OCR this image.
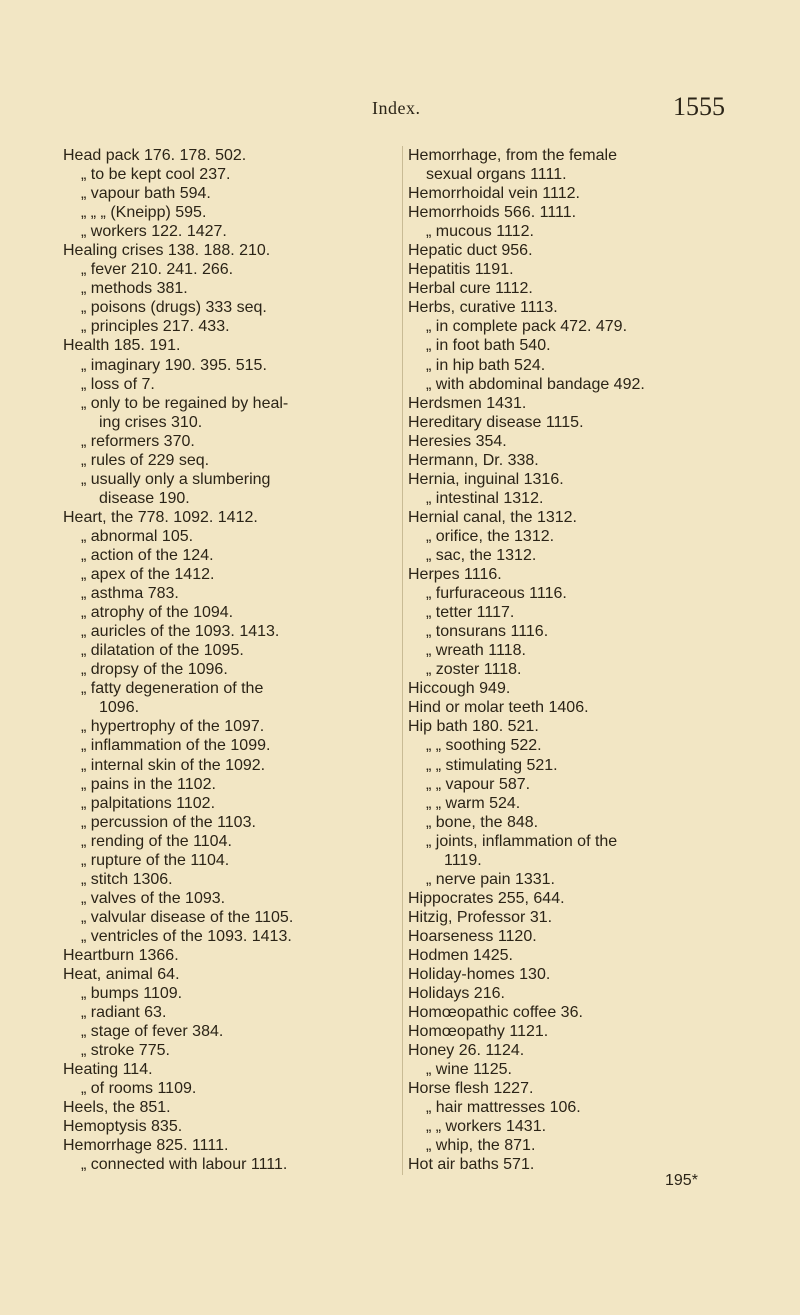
Index.	1555
Head pack 176. 178. 502.
„ to be kept cool 237.
„ vapour bath 594.
„ „ „ (Kneipp) 595.
„ workers 122. 1427.
Healing crises 138. 188. 210.
„ fever 210. 241. 266.
„ methods 381.
„ poisons (drugs) 333 seq.
„ principles 217. 433.
Health 185. 191.
„ imaginary 190. 395. 515.
„ loss of 7.
„ only to be regained by heal-
ing crises 310.
„ reformers 370.
„ rules of 229 seq.
„ usually only a slumbering
disease 190.
Heart, the 778. 1092. 1412.
„ abnormal 105.
„ action of the 124.
„ apex of the 1412.
„ asthma 783.
„ atrophy of the 1094.
„ auricles of the 1093. 1413.
„ dilatation of the 1095.
„ dropsy of the 1096.
„ fatty degeneration of the
1096.
„ hypertrophy of the 1097.
„ inflammation of the 1099.
„ internal skin of the 1092.
„ pains in the 1102.
„ palpitations 1102.
„ percussion of the 1103.
„ rending of the 1104.
„ rupture of the 1104.
„ stitch 1306.
„ valves of the 1093.
„ valvular disease of the 1105.
„ ventricles of the 1093. 1413.
Heartburn 1366.
Heat, animal 64.
„ bumps 1109.
„ radiant 63.
„ stage of fever 384.
„ stroke 775.
Heating 114.
„ of rooms 1109.
Heels, the 851.
Hemoptysis 835.
Hemorrhage 825. 1111.
„ connected with labour 1111.
Hemorrhage, from the female
sexual organs 1111.
Hemorrhoidal vein 1112.
Hemorrhoids 566. 1111.
„ mucous 1112.
Hepatic duct 956.
Hepatitis 1191.
Herbal cure 1112.
Herbs, curative 1113.
„ in complete pack 472. 479.
„ in foot bath 540.
„ in hip bath 524.
„ with abdominal bandage 492.
Herdsmen 1431.
Hereditary disease 1115.
Heresies 354.
Hermann, Dr. 338.
Hernia, inguinal 1316.
„ intestinal 1312.
Hernial canal, the 1312.
„ orifice, the 1312.
„ sac, the 1312.
Herpes 1116.
„ furfuraceous 1116.
„ tetter 1117.
„ tonsurans 1116.
„ wreath 1118.
„ zoster 1118.
Hiccough 949.
Hind or molar teeth 1406.
Hip bath 180. 521.
„ „ soothing 522.
„ „ stimulating 521.
„ „ vapour 587.
„ „ warm 524.
„ bone, the 848.
„ joints, inflammation of the
1119.
„ nerve pain 1331.
Hippocrates 255, 644.
Hitzig, Professor 31.
Hoarseness 1120.
Hodmen 1425.
Holiday-homes 130.
Holidays 216.
Homœopathic coffee 36.
Homœopathy 1121.
Honey 26. 1124.
„ wine 1125.
Horse flesh 1227.
„ hair mattresses 106.
„ „ workers 1431.
„ whip, the 871.
Hot air baths 571.
195*
